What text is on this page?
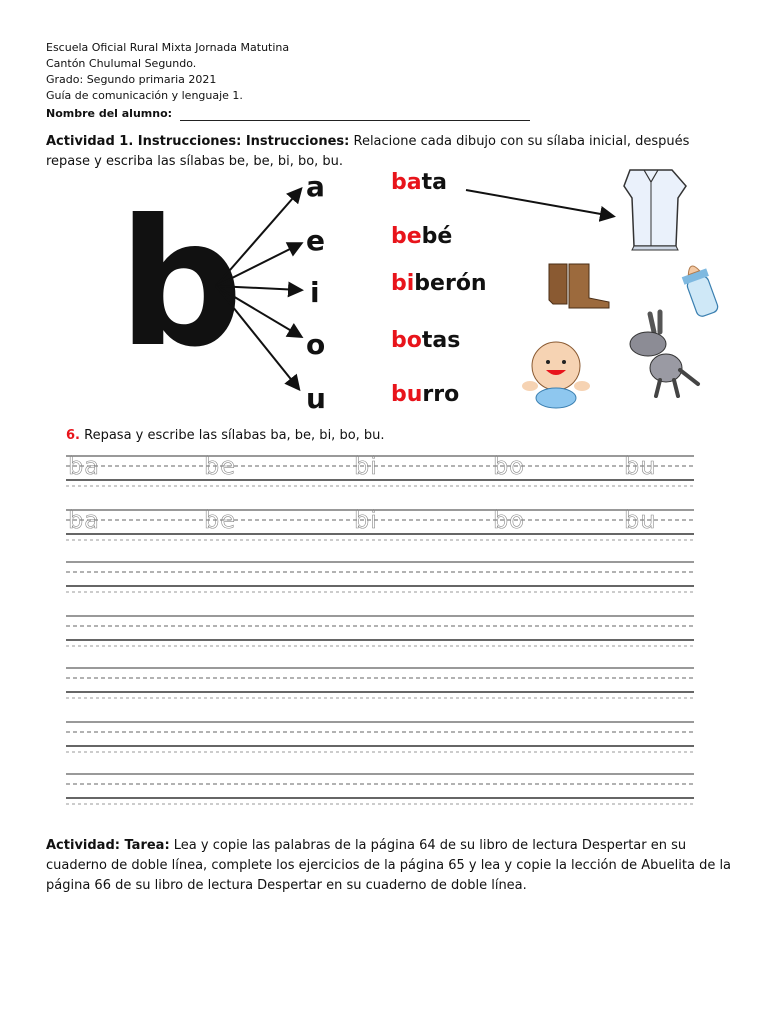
Escuela Oficial Rural Mixta Jornada Matutina
Cantón Chulumal Segundo.
Grado: Segundo primaria 2021
Guía de comunicación y lenguaje 1.
Nombre del alumno:
Actividad 1. Instrucciones: Instrucciones: Relacione cada dibujo con su sílaba inicial, después repase y escriba las sílabas be, be, bi, bo, bu.
b a
e
i
o
u
bata
bebé
biberón
botas
burro
6. Repasa y escribe las sílabas ba, be, bi, bo, bu.
ba	be	bi	bo	bu
ba	be	bi	bo	bu
Actividad: Tarea: Lea y copie las palabras de la página 64 de su libro de lectura Despertar en su cuaderno de doble línea, complete los ejercicios de la página 65 y lea y copie la lección de Abuelita de la página 66 de su libro de lectura Despertar en su cuaderno de doble línea.
